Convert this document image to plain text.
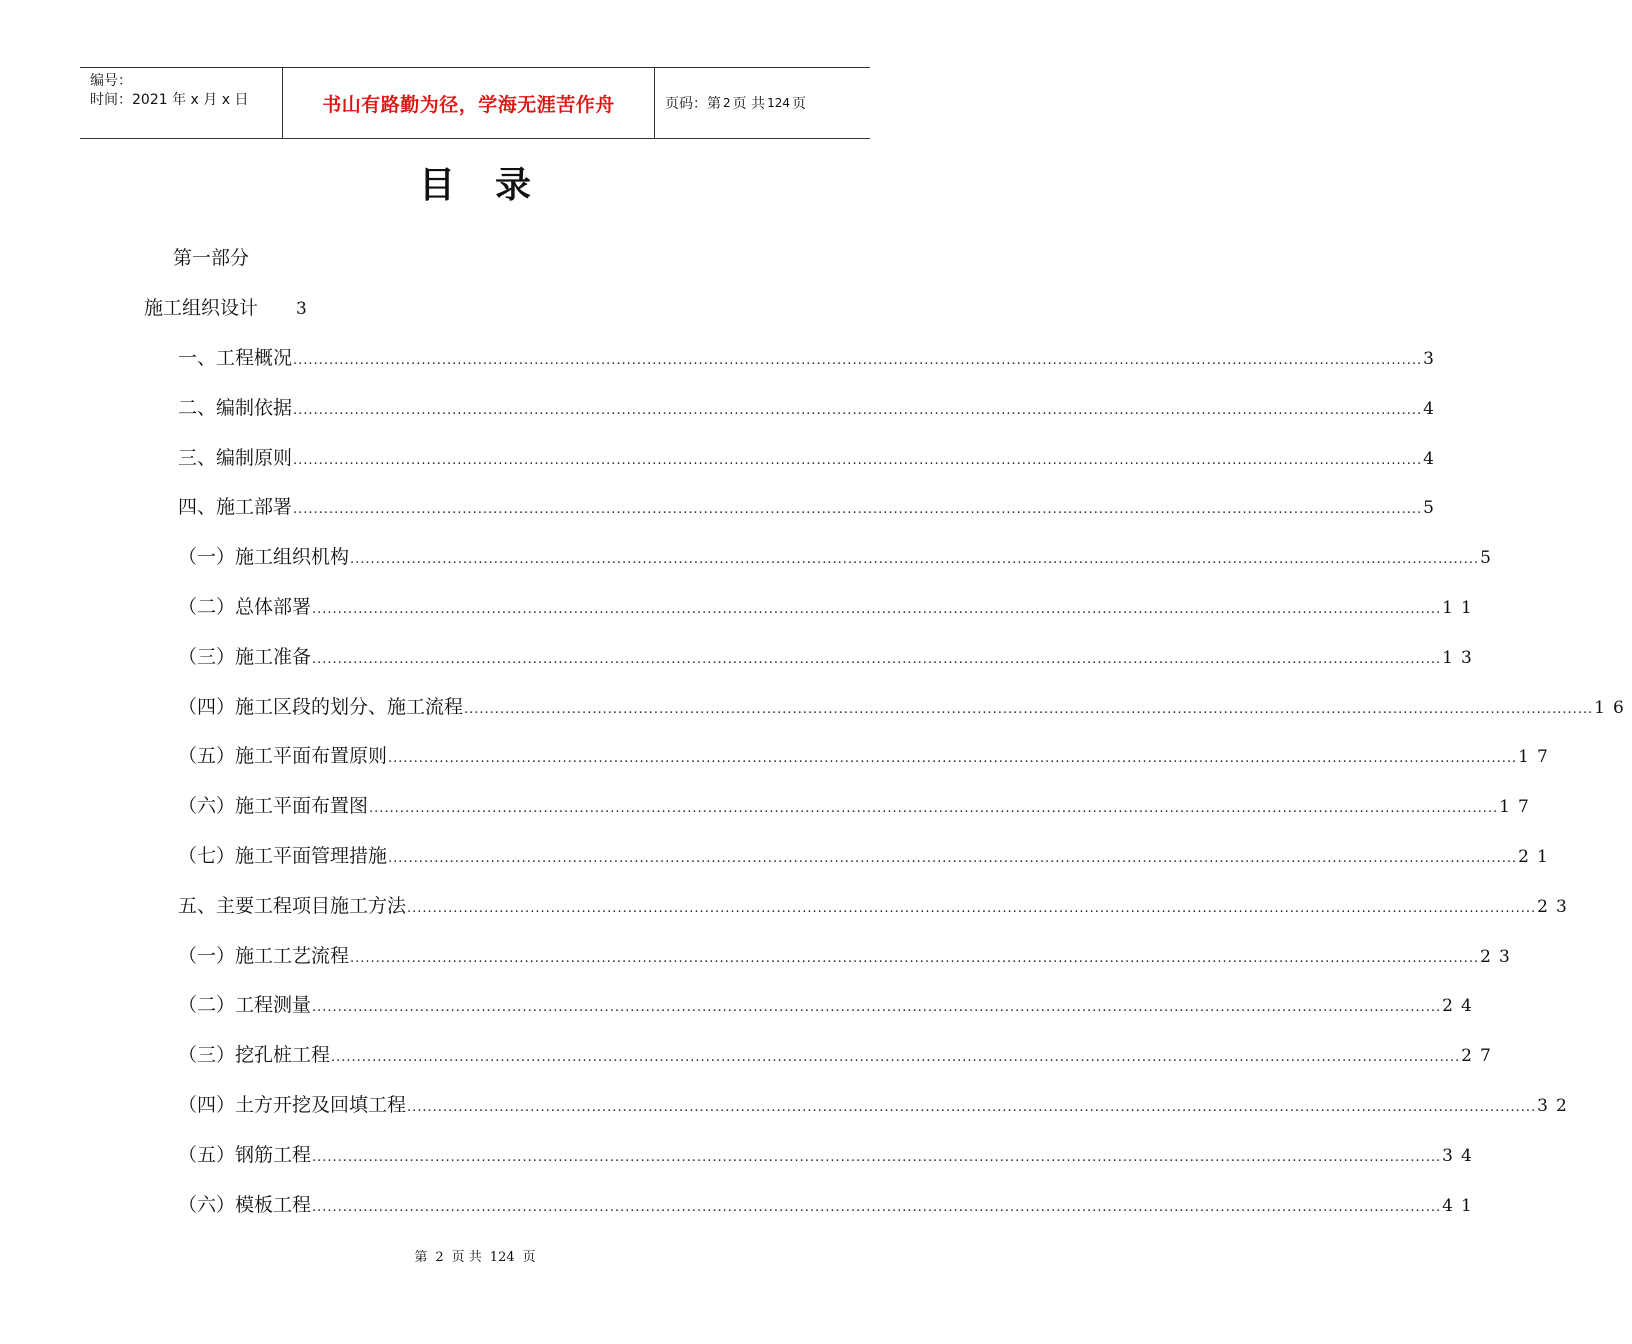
编号：
时间：2021 年 x 月 x 日	书山有路勤为径，学海无涯苦作舟	页码：第 2 页 共 124 页
目录
第一部分
施工组织设计 3
一、工程概况 ............................................................................................................................................................................................................................ 3
二、编制依据 ............................................................................................................................................................................................................................ 4
三、编制原则 ............................................................................................................................................................................................................................ 4
四、施工部署 ............................................................................................................................................................................................................................ 5
（一）施工组织机构 ............................................................................................................................................................................................................................ 5
（二）总体部署 ............................................................................................................................................................................................................................ 11
（三）施工准备 ............................................................................................................................................................................................................................ 13
（四）施工区段的划分、施工流程 ............................................................................................................................................................................................................................ 16
（五）施工平面布置原则 ............................................................................................................................................................................................................................ 17
（六）施工平面布置图 ............................................................................................................................................................................................................................ 17
（七）施工平面管理措施 ............................................................................................................................................................................................................................ 21
五、主要工程项目施工方法 ............................................................................................................................................................................................................................ 23
（一）施工工艺流程 ............................................................................................................................................................................................................................ 23
（二）工程测量 ............................................................................................................................................................................................................................ 24
（三）挖孔桩工程 ............................................................................................................................................................................................................................ 27
（四）土方开挖及回填工程 ............................................................................................................................................................................................................................ 32
（五）钢筋工程 ............................................................................................................................................................................................................................ 34
（六）模板工程 ............................................................................................................................................................................................................................ 41
第 2 页 共 124 页
